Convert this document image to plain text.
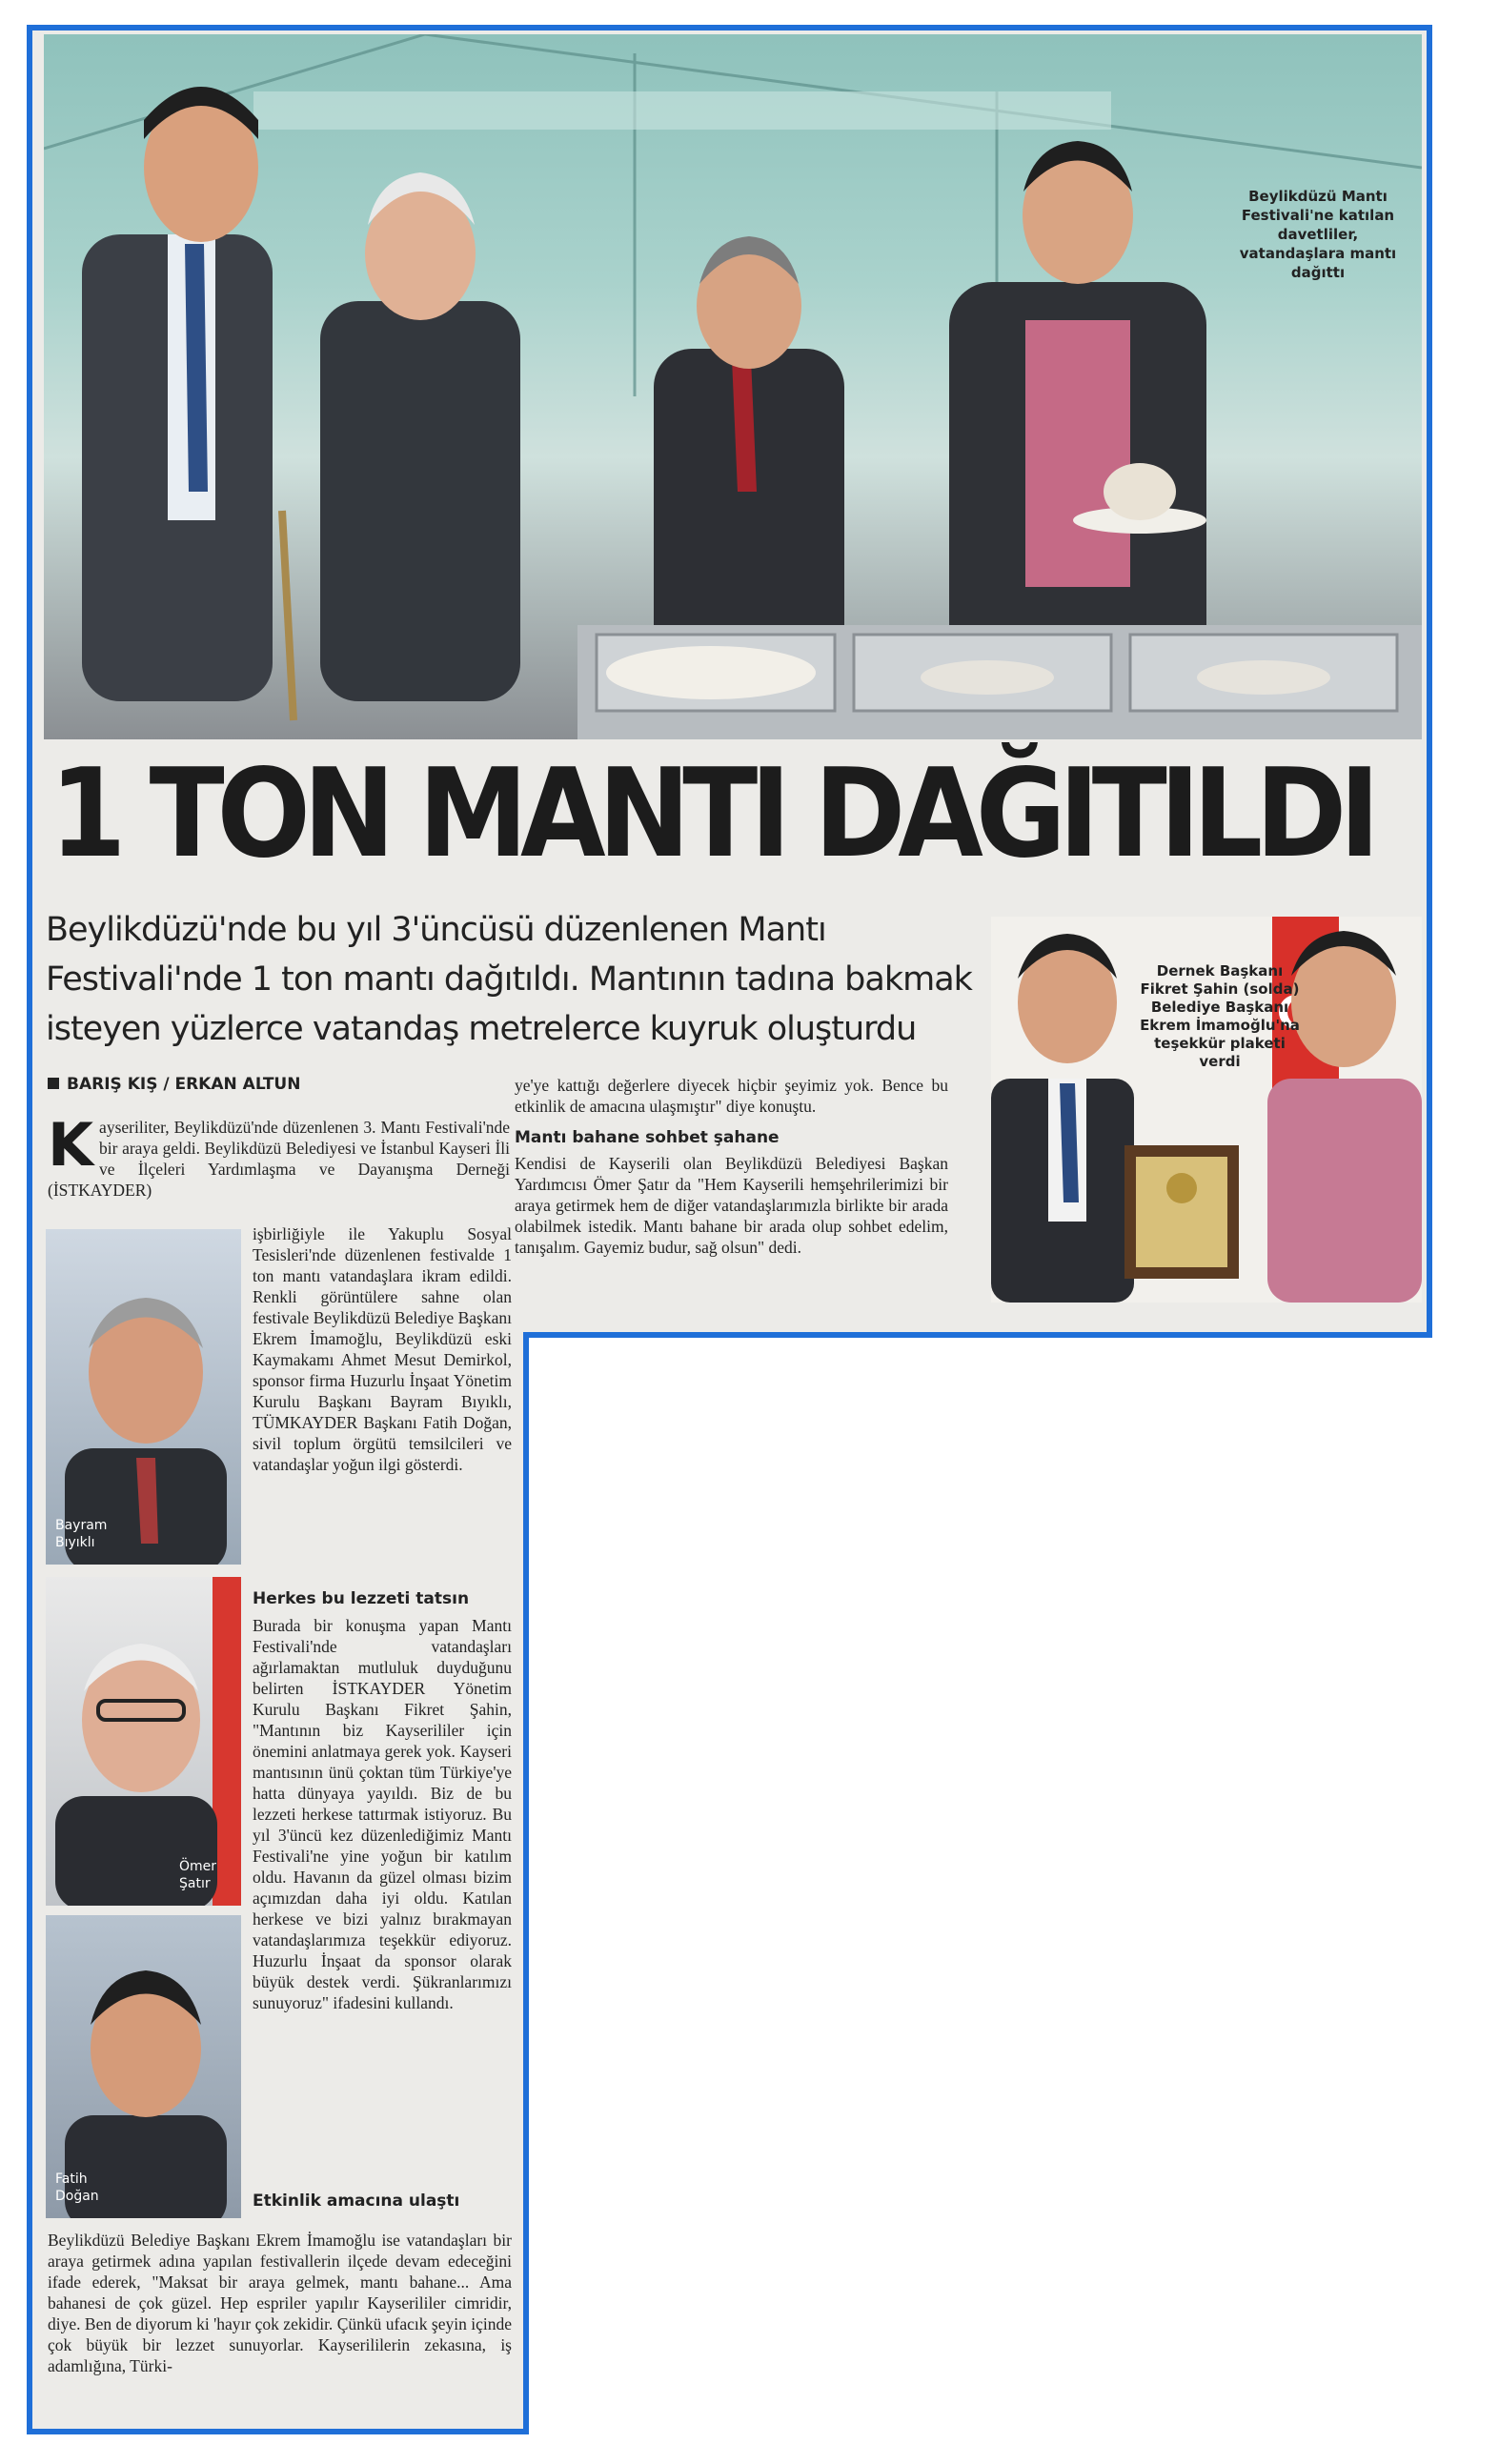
Beylikdüzü Mantı Festivali'ne katılan davetliler, vatandaşlara mantı dağıttı
1 TON MANTI DAĞITILDI
Beylikdüzü'nde bu yıl 3'üncüsü düzenlenen Mantı Festivali'nde 1 ton mantı dağıtıldı. Mantının tadına bakmak isteyen yüzlerce vatandaş metrelerce kuyruk oluşturdu
BARIŞ KIŞ / ERKAN ALTUN
Kayseriliter, Beylikdüzü'nde düzenlenen 3. Mantı Festivali'nde bir araya geldi. Beylikdüzü Belediyesi ve İstanbul Kayseri İli ve İlçeleri Yardımlaşma ve Dayanışma Derneği (İSTKAYDER)
Bayram
Bıyıklı
Ömer
Şatır
Fatih
Doğan
işbirliğiyle ile Yakuplu Sosyal Tesisleri'nde düzenlenen festivalde 1 ton mantı vatandaşlara ikram edildi. Renkli görüntülere sahne olan festivale Beylikdüzü Belediye Başkanı Ekrem İmamoğlu, Beylikdüzü eski Kaymakamı Ahmet Mesut Demirkol, sponsor firma Huzurlu İnşaat Yönetim Kurulu Başkanı Bayram Bıyıklı, TÜMKAYDER Başkanı Fatih Doğan, sivil toplum örgütü temsilcileri ve vatandaşlar yoğun ilgi gösterdi.
Herkes bu lezzeti tatsın
Burada bir konuşma yapan Mantı Festivali'nde vatandaşları ağırlamaktan mutluluk duyduğunu belirten İSTKAYDER Yönetim Kurulu Başkanı Fikret Şahin, "Mantının biz Kayserililer için önemini anlatmaya gerek yok. Kayseri mantısının ünü çoktan tüm Türkiye'ye hatta dünyaya yayıldı. Biz de bu lezzeti herkese tattırmak istiyoruz. Bu yıl 3'üncü kez düzenlediğimiz Mantı Festivali'ne yine yoğun bir katılım oldu. Havanın da güzel olması bizim açımızdan daha iyi oldu. Katılan herkese ve bizi yalnız bırakmayan vatandaşlarımıza teşekkür ediyoruz. Huzurlu İnşaat da sponsor olarak büyük destek verdi. Şükranlarımızı sunuyoruz" ifadesini kullandı.
Etkinlik amacına ulaştı
Beylikdüzü Belediye Başkanı Ekrem İmamoğlu ise vatandaşları bir araya getirmek adına yapılan festivallerin ilçede devam edeceğini ifade ederek, "Maksat bir araya gelmek, mantı bahane... Ama bahanesi de çok güzel. Hep espriler yapılır Kayserililer cimridir, diye. Ben de diyorum ki 'hayır çok zekidir. Çünkü ufacık şeyin içinde çok büyük bir lezzet sunuyorlar. Kayserililerin zekasına, iş adamlığına, Türki-
ye'ye kattığı değerlere diyecek hiçbir şeyimiz yok. Bence bu etkinlik de amacına ulaşmıştır" diye konuştu.
Mantı bahane sohbet şahane
Kendisi de Kayserili olan Beylikdüzü Belediyesi Başkan Yardımcısı Ömer Şatır da "Hem Kayserili hemşehrilerimizi bir araya getirmek hem de diğer vatandaşlarımızla birlikte bir arada olabilmek istedik. Mantı bahane bir arada olup sohbet edelim, tanışalım. Gayemiz budur, sağ olsun" dedi.
Dernek Başkanı Fikret Şahin (solda) Belediye Başkanı Ekrem İmamoğlu'na teşekkür plaketi verdi
